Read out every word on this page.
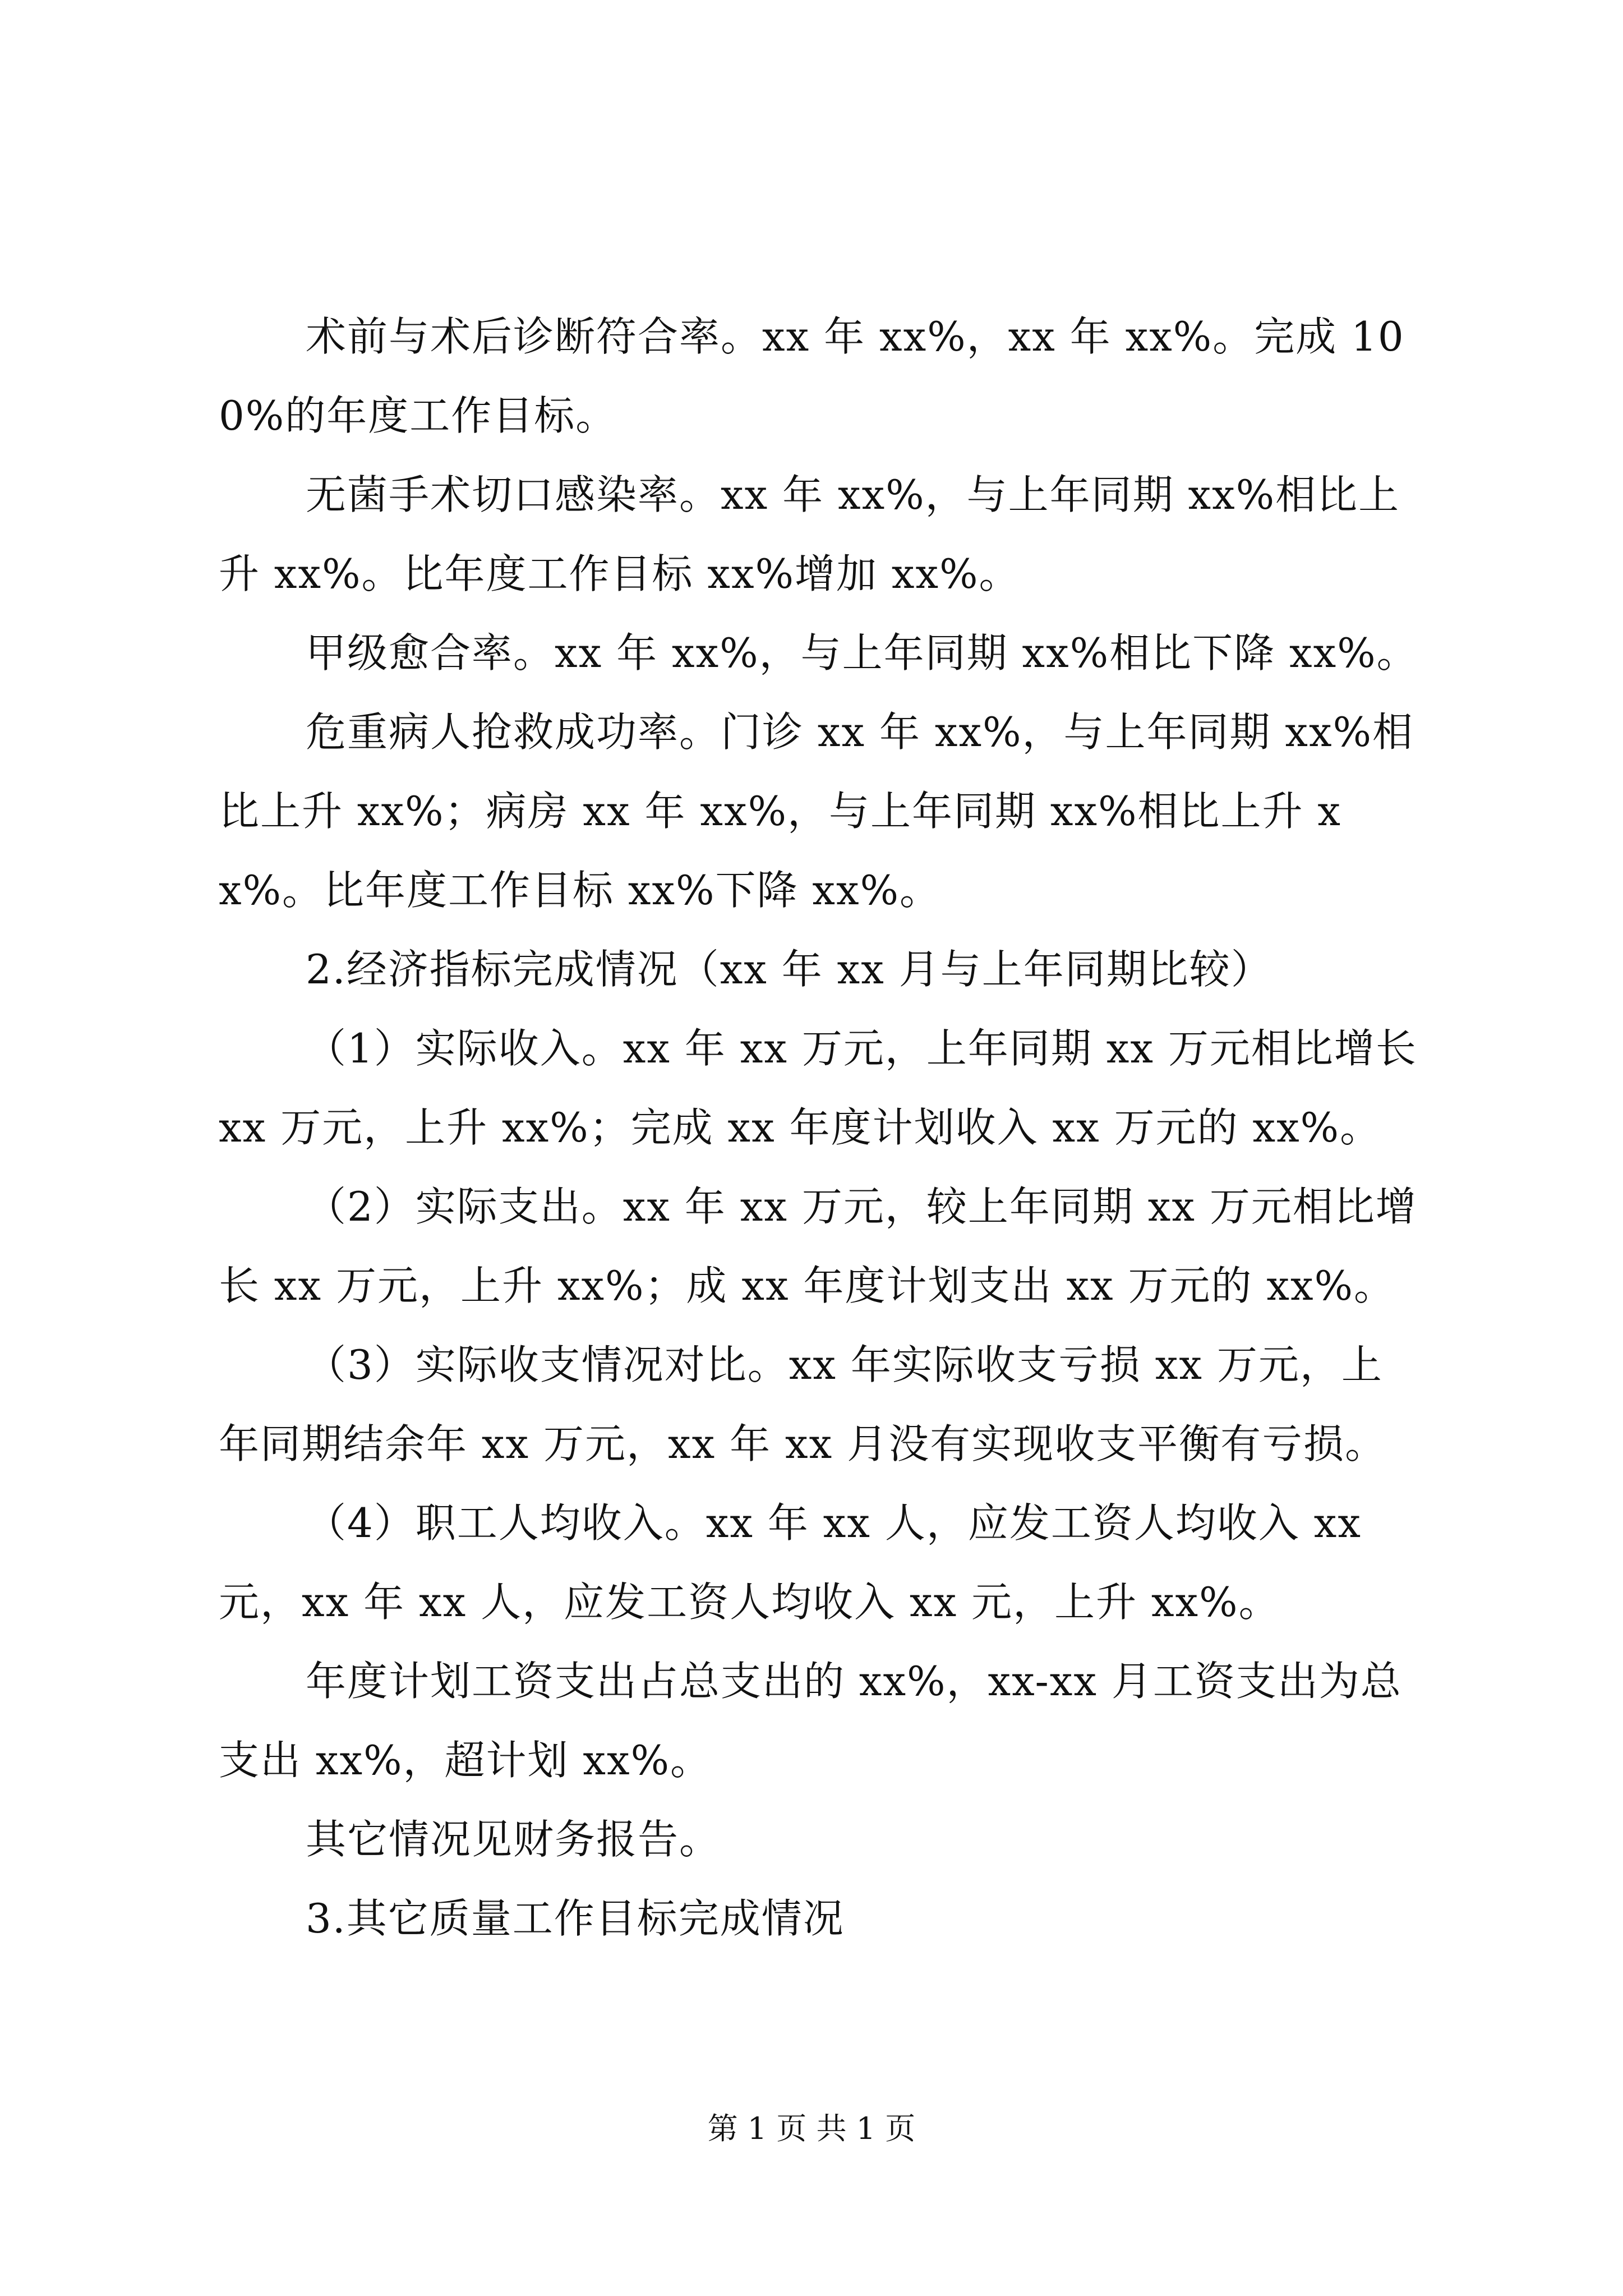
术前与术后诊断符合率。xx 年 xx%，xx 年 xx%。完成 100%的年度工作目标。

无菌手术切口感染率。xx 年 xx%，与上年同期 xx%相比上升 xx%。比年度工作目标 xx%增加 xx%。

甲级愈合率。xx 年 xx%，与上年同期 xx%相比下降 xx%。

危重病人抢救成功率。门诊 xx 年 xx%，与上年同期 xx%相比上升 xx%；病房 xx 年 xx%，与上年同期 xx%相比上升 xx%。比年度工作目标 xx%下降 xx%。

2.经济指标完成情况（xx 年 xx 月与上年同期比较）

（1）实际收入。xx 年 xx 万元，上年同期 xx 万元相比增长 xx 万元，上升 xx%；完成 xx 年度计划收入 xx 万元的 xx%。

（2）实际支出。xx 年 xx 万元，较上年同期 xx 万元相比增长 xx 万元，上升 xx%；成 xx 年度计划支出 xx 万元的 xx%。

（3）实际收支情况对比。xx 年实际收支亏损 xx 万元，上年同期结余年 xx 万元，xx 年 xx 月没有实现收支平衡有亏损。

（4）职工人均收入。xx 年 xx 人，应发工资人均收入 xx 元，xx 年 xx 人，应发工资人均收入 xx 元，上升 xx%。

年度计划工资支出占总支出的 xx%，xx-xx 月工资支出为总支出 xx%，超计划 xx%。

其它情况见财务报告。

3.其它质量工作目标完成情况

第 1 页 共 1 页
